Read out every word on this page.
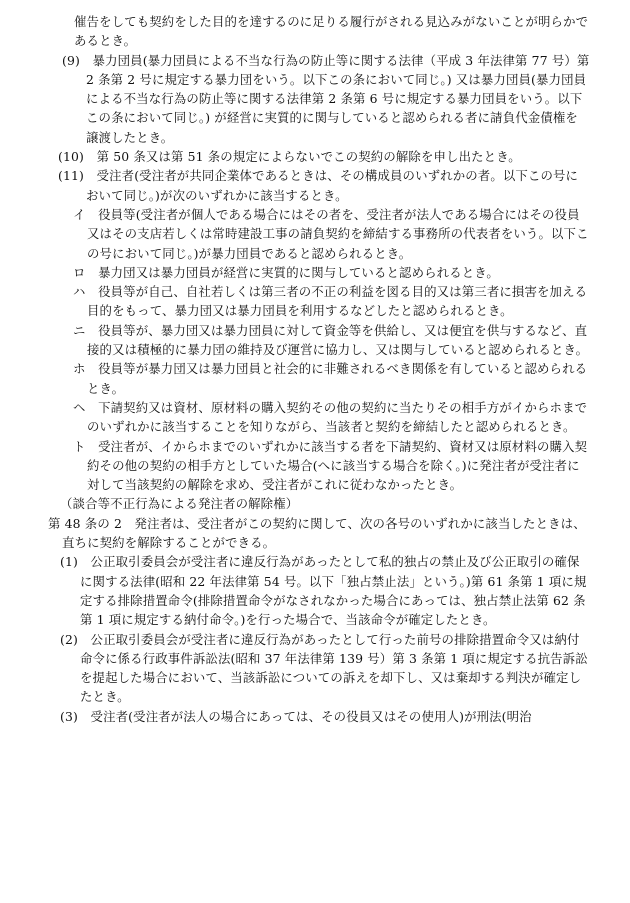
催告をしても契約をした目的を達するのに足りる履行がされる見込みがないことが明らかであるとき。
(9)　暴力団員(暴力団員による不当な行為の防止等に関する法律（平成 3 年法律第 77 号）第 2 条第 2 号に規定する暴力団をいう。以下この条において同じ。) 又は暴力団員(暴力団員による不当な行為の防止等に関する法律第 2 条第 6 号に規定する暴力団員をいう。以下この条において同じ。) が経営に実質的に関与していると認められる者に請負代金債権を譲渡したとき。
(10)　第 50 条又は第 51 条の規定によらないでこの契約の解除を申し出たとき。
(11)　受注者(受注者が共同企業体であるときは、その構成員のいずれかの者。以下この号において同じ。)が次のいずれかに該当するとき。
イ　役員等(受注者が個人である場合にはその者を、受注者が法人である場合にはその役員又はその支店若しくは常時建設工事の請負契約を締結する事務所の代表者をいう。以下この号において同じ。)が暴力団員であると認められるとき。
ロ　暴力団又は暴力団員が経営に実質的に関与していると認められるとき。
ハ　役員等が自己、自社若しくは第三者の不正の利益を図る目的又は第三者に損害を加える目的をもって、暴力団又は暴力団員を利用するなどしたと認められるとき。
ニ　役員等が、暴力団又は暴力団員に対して資金等を供給し、又は便宜を供与するなど、直接的又は積極的に暴力団の維持及び運営に協力し、又は関与していると認められるとき。
ホ　役員等が暴力団又は暴力団員と社会的に非難されるべき関係を有していると認められるとき。
ヘ　下請契約又は資材、原材料の購入契約その他の契約に当たりその相手方がイからホまでのいずれかに該当することを知りながら、当該者と契約を締結したと認められるとき。
ト　受注者が、イからホまでのいずれかに該当する者を下請契約、資材又は原材料の購入契約その他の契約の相手方としていた場合(へに該当する場合を除く。)に発注者が受注者に対して当該契約の解除を求め、受注者がこれに従わなかったとき。
（談合等不正行為による発注者の解除権）
第 48 条の 2　発注者は、受注者がこの契約に関して、次の各号のいずれかに該当したときは、直ちに契約を解除することができる。
(1)　公正取引委員会が受注者に違反行為があったとして私的独占の禁止及び公正取引の確保に関する法律(昭和 22 年法律第 54 号。以下「独占禁止法」という。)第 61 条第 1 項に規定する排除措置命令(排除措置命令がなされなかった場合にあっては、独占禁止法第 62 条第 1 項に規定する納付命令。)を行った場合で、当該命令が確定したとき。
(2)　公正取引委員会が受注者に違反行為があったとして行った前号の排除措置命令又は納付命令に係る行政事件訴訟法(昭和 37 年法律第 139 号）第 3 条第 1 項に規定する抗告訴訟を提起した場合において、当該訴訟についての訴えを却下し、又は棄却する判決が確定したとき。
(3)　受注者(受注者が法人の場合にあっては、その役員又はその使用人)が刑法(明治
